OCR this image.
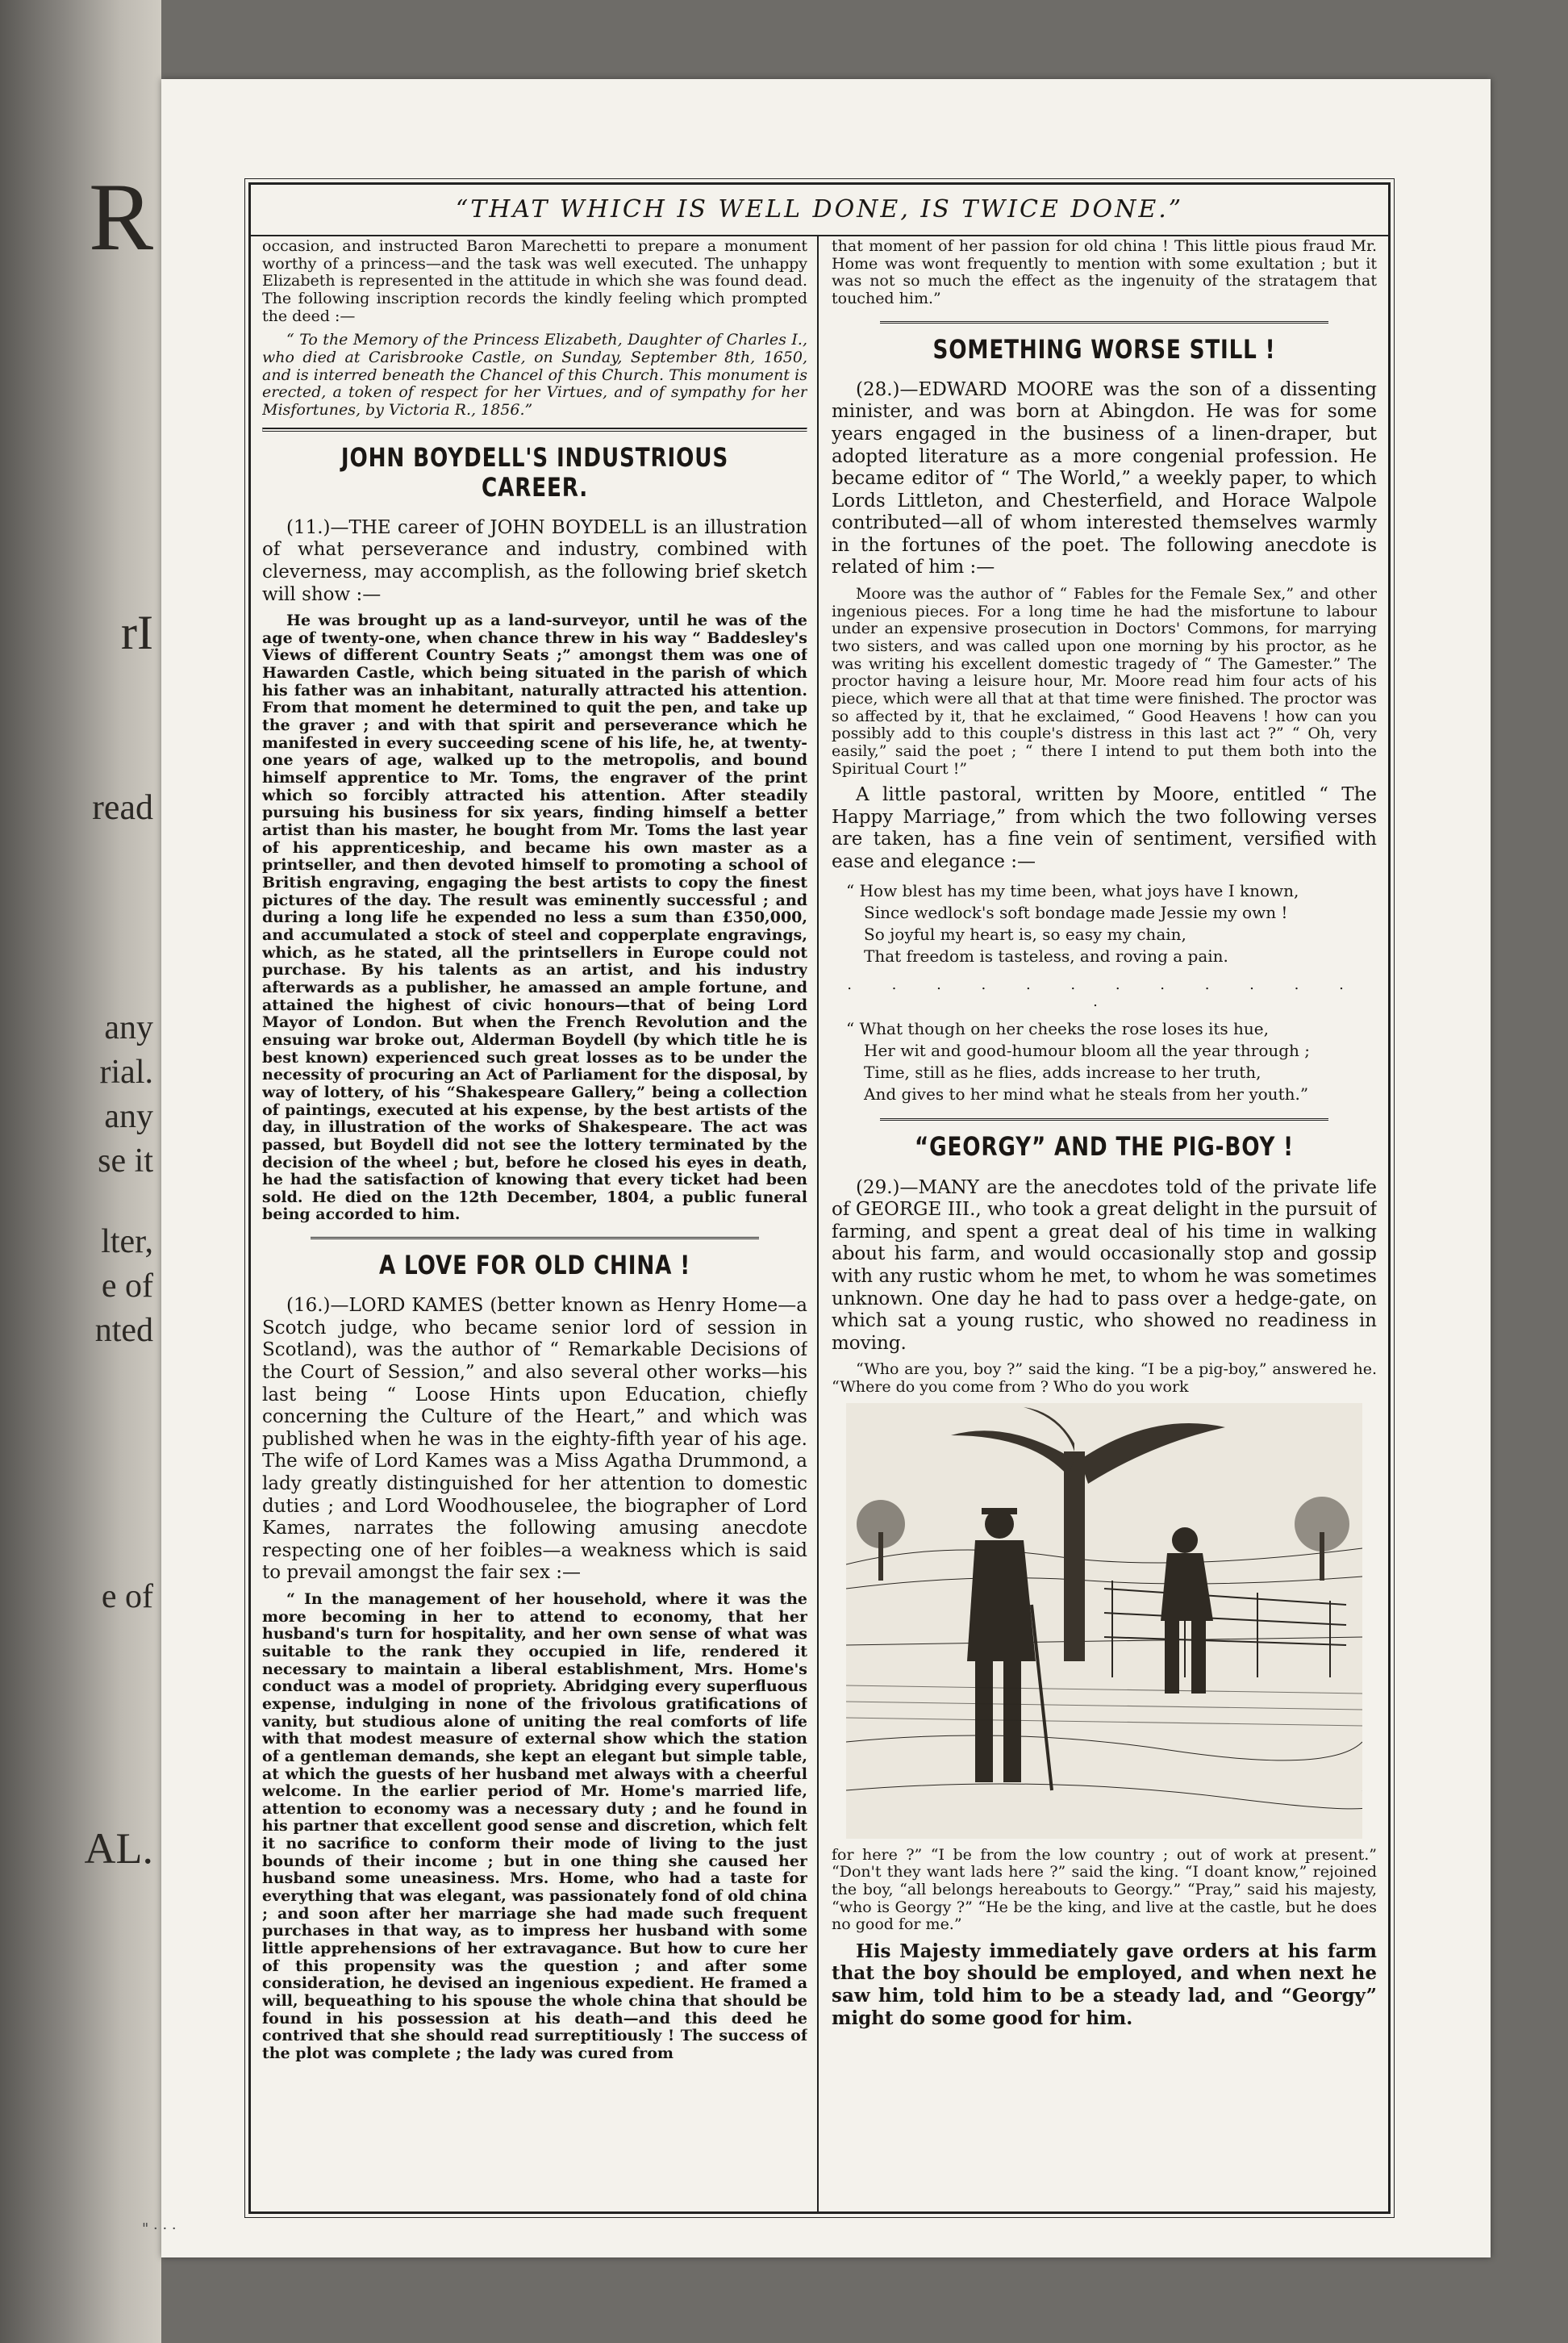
R
rI
read
any
rial.
any
se it
lter,
e of
nted
e of
AL.
“THAT WHICH IS WELL DONE, IS TWICE DONE.”

occasion, and instructed Baron Marechetti to prepare a monument worthy of a princess—and the task was well executed. The unhappy Elizabeth is represented in the attitude in which she was found dead. The following inscription records the kindly feeling which prompted the deed :—

“ To the Memory of the Princess Elizabeth, Daughter of Charles I., who died at Carisbrooke Castle, on Sunday, September 8th, 1650, and is interred beneath the Chancel of this Church. This monument is erected, a token of respect for her Virtues, and of sympathy for her Misfortunes, by Victoria R., 1856.”

JOHN BOYDELL'S INDUSTRIOUS CAREER.

(11.)—THE career of JOHN BOYDELL is an illustration of what perseverance and industry, combined with cleverness, may accomplish, as the following brief sketch will show :—

He was brought up as a land-surveyor, until he was of the age of twenty-one, when chance threw in his way “ Baddesley's Views of different Country Seats ;” amongst them was one of Hawarden Castle, which being situated in the parish of which his father was an inhabitant, naturally attracted his attention. From that moment he determined to quit the pen, and take up the graver ; and with that spirit and perseverance which he manifested in every succeeding scene of his life, he, at twenty-one years of age, walked up to the metropolis, and bound himself apprentice to Mr. Toms, the engraver of the print which so forcibly attracted his attention. After steadily pursuing his business for six years, finding himself a better artist than his master, he bought from Mr. Toms the last year of his apprenticeship, and became his own master as a printseller, and then devoted himself to promoting a school of British engraving, engaging the best artists to copy the finest pictures of the day. The result was eminently successful ; and during a long life he expended no less a sum than £350,000, and accumulated a stock of steel and copperplate engravings, which, as he stated, all the printsellers in Europe could not purchase. By his talents as an artist, and his industry afterwards as a publisher, he amassed an ample fortune, and attained the highest of civic honours—that of being Lord Mayor of London. But when the French Revolution and the ensuing war broke out, Alderman Boydell (by which title he is best known) experienced such great losses as to be under the necessity of procuring an Act of Parliament for the disposal, by way of lottery, of his “Shakespeare Gallery,” being a collection of paintings, executed at his expense, by the best artists of the day, in illustration of the works of Shakespeare. The act was passed, but Boydell did not see the lottery terminated by the decision of the wheel ; but, before he closed his eyes in death, he had the satisfaction of knowing that every ticket had been sold. He died on the 12th December, 1804, a public funeral being accorded to him.

A LOVE FOR OLD CHINA !

(16.)—LORD KAMES (better known as Henry Home—a Scotch judge, who became senior lord of session in Scotland), was the author of “ Remarkable Decisions of the Court of Session,” and also several other works—his last being “ Loose Hints upon Education, chiefly concerning the Culture of the Heart,” and which was published when he was in the eighty-fifth year of his age. The wife of Lord Kames was a Miss Agatha Drummond, a lady greatly distinguished for her attention to domestic duties ; and Lord Woodhouselee, the biographer of Lord Kames, narrates the following amusing anecdote respecting one of her foibles—a weakness which is said to prevail amongst the fair sex :—

“ In the management of her household, where it was the more becoming in her to attend to economy, that her husband's turn for hospitality, and her own sense of what was suitable to the rank they occupied in life, rendered it necessary to maintain a liberal establishment, Mrs. Home's conduct was a model of propriety. Abridging every superfluous expense, indulging in none of the frivolous gratifications of vanity, but studious alone of uniting the real comforts of life with that modest measure of external show which the station of a gentleman demands, she kept an elegant but simple table, at which the guests of her husband met always with a cheerful welcome. In the earlier period of Mr. Home's married life, attention to economy was a necessary duty ; and he found in his partner that excellent good sense and discretion, which felt it no sacrifice to conform their mode of living to the just bounds of their income ; but in one thing she caused her husband some uneasiness. Mrs. Home, who had a taste for everything that was elegant, was passionately fond of old china ; and soon after her marriage she had made such frequent purchases in that way, as to impress her husband with some little apprehensions of her extravagance. But how to cure her of this propensity was the question ; and after some consideration, he devised an ingenious expedient. He framed a will, bequeathing to his spouse the whole china that should be found in his possession at his death—and this deed he contrived that she should read surreptitiously ! The success of the plot was complete ; the lady was cured from

that moment of her passion for old china ! This little pious fraud Mr. Home was wont frequently to mention with some exultation ; but it was not so much the effect as the ingenuity of the stratagem that touched him.”

SOMETHING WORSE STILL !

(28.)—EDWARD MOORE was the son of a dissenting minister, and was born at Abingdon. He was for some years engaged in the business of a linen-draper, but adopted literature as a more congenial profession. He became editor of “ The World,” a weekly paper, to which Lords Littleton, and Chesterfield, and Horace Walpole contributed—all of whom interested themselves warmly in the fortunes of the poet. The following anecdote is related of him :—

Moore was the author of “ Fables for the Female Sex,” and other ingenious pieces. For a long time he had the misfortune to labour under an expensive prosecution in Doctors' Commons, for marrying two sisters, and was called upon one morning by his proctor, as he was writing his excellent domestic tragedy of “ The Gamester.” The proctor having a leisure hour, Mr. Moore read him four acts of his piece, which were all that at that time were finished. The proctor was so affected by it, that he exclaimed, “ Good Heavens ! how can you possibly add to this couple's distress in this last act ?” “ Oh, very easily,” said the poet ; “ there I intend to put them both into the Spiritual Court !”

A little pastoral, written by Moore, entitled “ The Happy Marriage,” from which the two following verses are taken, has a fine vein of sentiment, versified with ease and elegance :—

“ How blest has my time been, what joys have I known,
Since wedlock's soft bondage made Jessie my own !
So joyful my heart is, so easy my chain,
That freedom is tasteless, and roving a pain.
. . . . . . . . . . . . .
“ What though on her cheeks the rose loses its hue,
Her wit and good-humour bloom all the year through ;
Time, still as he flies, adds increase to her truth,
And gives to her mind what he steals from her youth.”
“GEORGY” AND THE PIG-BOY !

(29.)—MANY are the anecdotes told of the private life of GEORGE III., who took a great delight in the pursuit of farming, and spent a great deal of his time in walking about his farm, and would occasionally stop and gossip with any rustic whom he met, to whom he was sometimes unknown. One day he had to pass over a hedge-gate, on which sat a young rustic, who showed no readiness in moving.

“Who are you, boy ?” said the king. “I be a pig-boy,” answered he. “Where do you come from ? Who do you work

for here ?” “I be from the low country ; out of work at present.” “Don't they want lads here ?” said the king. “I doant know,” rejoined the boy, “all belongs hereabouts to Georgy.” “Pray,” said his majesty, “who is Georgy ?” “He be the king, and live at the castle, but he does no good for me.”

His Majesty immediately gave orders at his farm that the boy should be employed, and when next he saw him, told him to be a steady lad, and “Georgy” might do some good for him.

" · · ·
